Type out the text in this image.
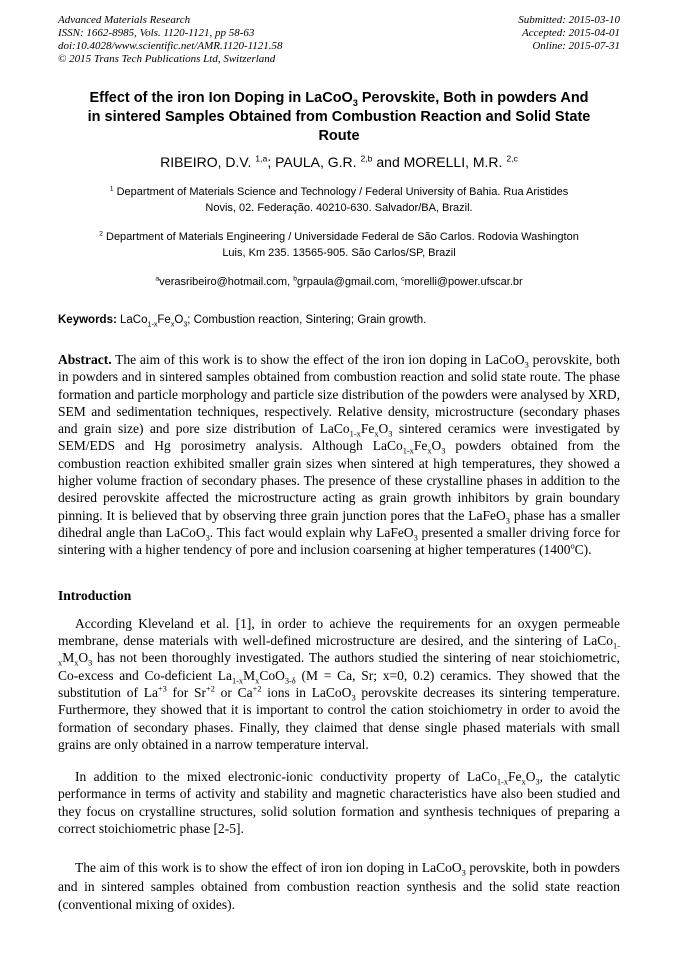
Advanced Materials Research
ISSN: 1662-8985, Vols. 1120-1121, pp 58-63
doi:10.4028/www.scientific.net/AMR.1120-1121.58
© 2015 Trans Tech Publications Ltd, Switzerland
Submitted: 2015-03-10
Accepted: 2015-04-01
Online: 2015-07-31
Effect of the iron Ion Doping in LaCoO$_3$ Perovskite, Both in powders And
in sintered Samples Obtained from Combustion Reaction and Solid State
Route
RIBEIRO, D.V. $^{1,a}$; PAULA, G.R. $^{2,b}$ and MORELLI, M.R. $^{2,c}$
$^1$ Department of Materials Science and Technology / Federal University of Bahia. Rua Aristides
Novis, 02. Federação. 40210-630. Salvador/BA, Brazil.
$^2$ Department of Materials Engineering / Universidade Federal de São Carlos. Rodovia Washington
Luis, Km 235. 13565-905. São Carlos/SP, Brazil
$^a$verasribeiro@hotmail.com, $^b$grpaula@gmail.com, $^c$morelli@power.ufscar.br

Keywords: $LaCo_{1-x}Fe_xO_3$; Combustion reaction, Sintering; Grain growth.

Abstract. The aim of this work is to show the effect of the iron ion doping in LaCoO$_3$ perovskite, both in powders and in sintered samples obtained from combustion reaction and solid state route. The phase formation and particle morphology and particle size distribution of the powders were analysed by XRD, SEM and sedimentation techniques, respectively. Relative density, microstructure (secondary phases and grain size) and pore size distribution of $LaCo_{1-x}Fe_xO_3$ sintered ceramics were investigated by SEM/EDS and Hg porosimetry analysis. Although $LaCo_{1-x}Fe_xO_3$ powders obtained from the combustion reaction exhibited smaller grain sizes when sintered at high temperatures, they showed a higher volume fraction of secondary phases. The presence of these crystalline phases in addition to the desired perovskite affected the microstructure acting as grain growth inhibitors by grain boundary pinning. It is believed that by observing three grain junction pores that the LaFeO$_3$ phase has a smaller dihedral angle than LaCoO$_3$. This fact would explain why LaFeO$_3$ presented a smaller driving force for sintering with a higher tendency of pore and inclusion coarsening at higher temperatures (1400$^o$C).

Introduction

According Kleveland et al. [1], in order to achieve the requirements for an oxygen permeable membrane, dense materials with well-defined microstructure are desired, and the sintering of $LaCo_{1-x}M_xO_3$ has not been thoroughly investigated. The authors studied the sintering of near stoichiometric, Co-excess and Co-deficient $La_{1-x}M_xCoO_{3-\delta}$ (M = Ca, Sr; x=0, 0.2) ceramics. They showed that the substitution of $La^{+3}$ for $Sr^{+2}$ or $Ca^{+2}$ ions in LaCoO$_3$ perovskite decreases its sintering temperature. Furthermore, they showed that it is important to control the cation stoichiometry in order to avoid the formation of secondary phases. Finally, they claimed that dense single phased materials with small grains are only obtained in a narrow temperature interval.

In addition to the mixed electronic-ionic conductivity property of $LaCo_{1-x}Fe_xO_3$, the catalytic performance in terms of activity and stability and magnetic characteristics have also been studied and they focus on crystalline structures, solid solution formation and synthesis techniques of preparing a correct stoichiometric phase [2-5].

The aim of this work is to show the effect of iron ion doping in LaCoO$_3$ perovskite, both in powders and in sintered samples obtained from combustion reaction synthesis and the solid state reaction (conventional mixing of oxides).
